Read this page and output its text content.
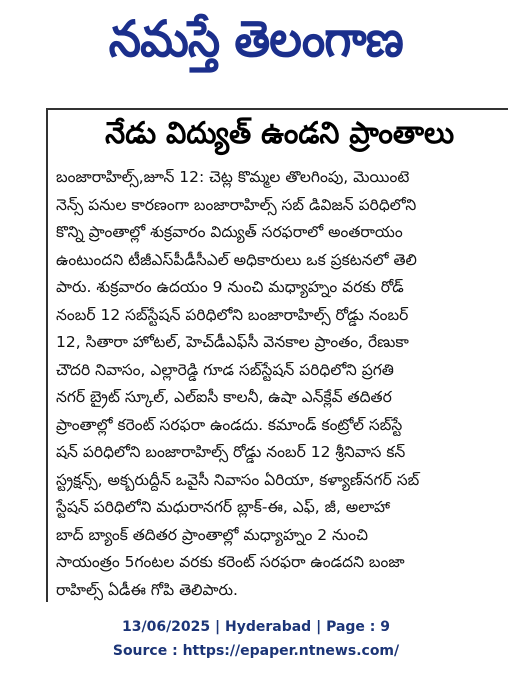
నమస్తే తెలంగాణ
నేడు విద్యుత్ ఉండని ప్రాంతాలు
బంజారాహిల్స్,జూన్ 12: చెట్ల కొమ్మల తొలగింపు, మెయింటె
నెన్స్ పనుల కారణంగా బంజారాహిల్స్ సబ్ డివిజన్ పరిధిలోని
కొన్ని ప్రాంతాల్లో శుక్రవారం విద్యుత్ సరఫరాలో అంతరాయం
ఉంటుందని టీజీఎస్‌పీడీసీఎల్ అధికారులు ఒక ప్రకటనలో తెలి
పారు. శుక్రవారం ఉదయం 9 నుంచి మధ్యాహ్నం వరకు రోడ్
నంబర్ 12 సబ్‌స్టేషన్ పరిధిలోని బంజారాహిల్స్ రోడ్డు నంబర్
12, సితారా హోటల్, హెచ్‌డీఎఫ్‌సీ వెనకాల ప్రాంతం, రేణుకా
చౌదరి నివాసం, ఎల్లారెడ్డి గూడ సబ్‌స్టేషన్ పరిధిలోని ప్రగతి
నగర్ బ్రైట్ స్కూల్, ఎల్ఐసీ కాలనీ, ఉషా ఎన్‌క్లేవ్ తదితర
ప్రాంతాల్లో కరెంట్ సరఫరా ఉండదు. కమాండ్ కంట్రోల్ సబ్‌స్టే
షన్ పరిధిలోని బంజారాహిల్స్ రోడ్డు నంబర్ 12 శ్రీనివాస కన్
స్ట్రక్షన్స్, అక్బరుద్దీన్ ఒవైసీ నివాసం ఏరియా, కళ్యాణ్‌నగర్ సబ్
స్టేషన్ పరిధిలోని మధురానగర్ బ్లాక్-ఈ, ఎఫ్, జీ, అలాహా
బాద్ బ్యాంక్ తదితర ప్రాంతాల్లో మధ్యాహ్నం 2 నుంచి
సాయంత్రం 5గంటల వరకు కరెంట్ సరఫరా ఉండదని బంజా
రాహిల్స్ ఏడీఈ గోపి తెలిపారు.
13/06/2025 | Hyderabad | Page : 9
Source : https://epaper.ntnews.com/
